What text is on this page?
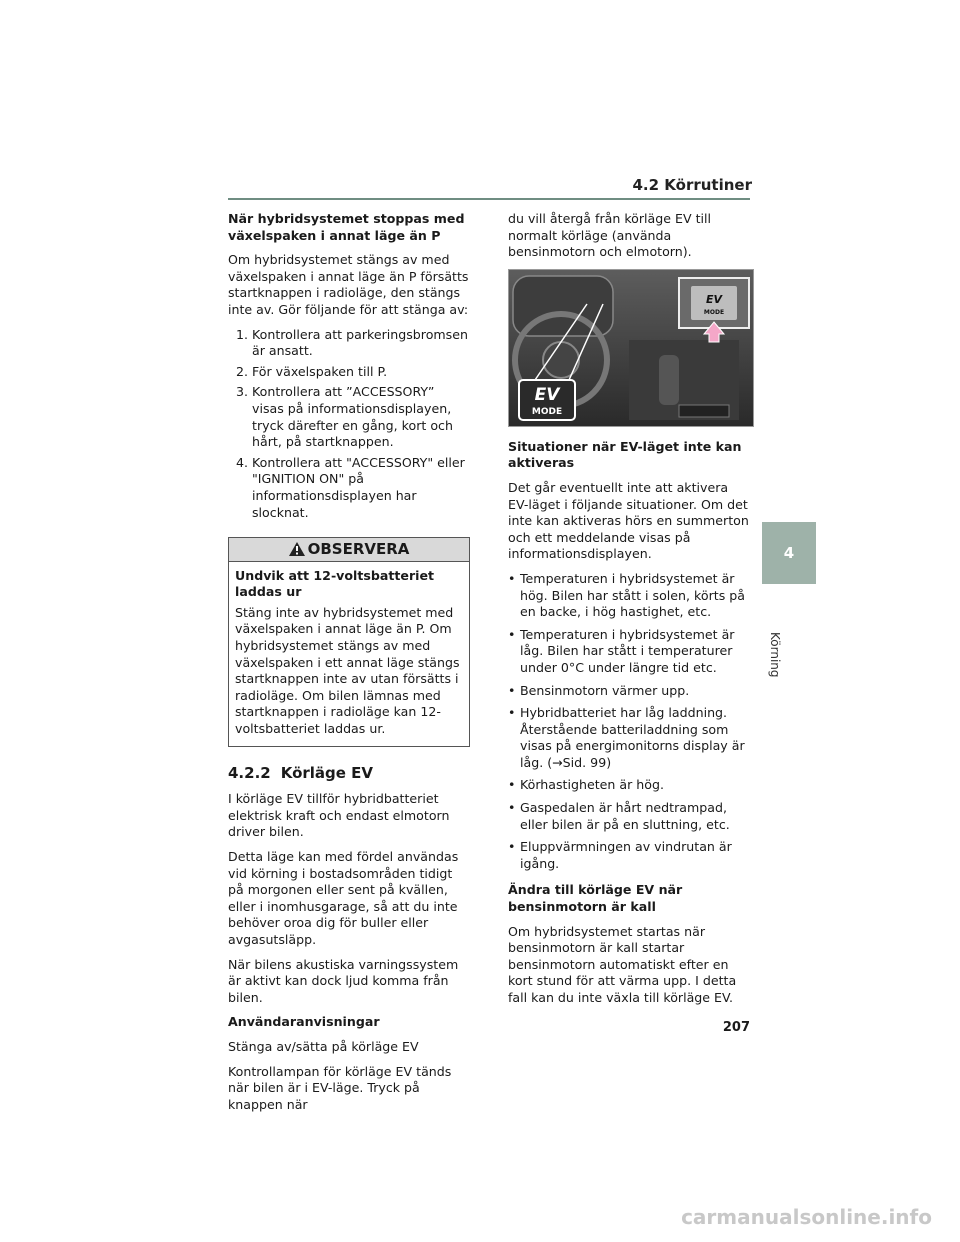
4.2 Körrutiner

När hybridsystemet stoppas med växelspaken i annat läge än P

Om hybridsystemet stängs av med växelspaken i annat läge än P försätts startknappen i radioläge, den stängs inte av. Gör följande för att stänga av:

1. Kontrollera att parkeringsbromsen är ansatt.
2. För växelspaken till P.
3. Kontrollera att ”ACCESSORY” visas på informationsdisplayen, tryck därefter en gång, kort och hårt, på startknappen.
4. Kontrollera att "ACCESSORY" eller "IGNITION ON" på informationsdisplayen har slocknat.
OBSERVERA

Undvik att 12-voltsbatteriet laddas ur

Stäng inte av hybridsystemet med växelspaken i annat läge än P. Om hybridsystemet stängs av med växelspaken i ett annat läge stängs startknappen inte av utan försätts i radioläge. Om bilen lämnas med startknappen i radioläge kan 12-voltsbatteriet laddas ur.

4.2.2 Körläge EV

I körläge EV tillför hybridbatteriet elektrisk kraft och endast elmotorn driver bilen.

Detta läge kan med fördel användas vid körning i bostadsområden tidigt på morgonen eller sent på kvällen, eller i inomhusgarage, så att du inte behöver oroa dig för buller eller avgasutsläpp.

När bilens akustiska varningssystem är aktivt kan dock ljud komma från bilen.

Användaranvisningar

Stänga av/sätta på körläge EV

Kontrollampan för körläge EV tänds när bilen är i EV-läge. Tryck på knappen när

du vill återgå från körläge EV till normalt körläge (använda bensinmotorn och elmotorn).

EV
MODE
EV
MODE

Situationer när EV-läget inte kan aktiveras

Det går eventuellt inte att aktivera EV-läget i följande situationer. Om det inte kan aktiveras hörs en summerton och ett meddelande visas på informationsdisplayen.

• Temperaturen i hybridsystemet är hög. Bilen har stått i solen, körts på en backe, i hög hastighet, etc.
• Temperaturen i hybridsystemet är låg. Bilen har stått i temperaturer under 0°C under längre tid etc.
• Bensinmotorn värmer upp.
• Hybridbatteriet har låg laddning. Återstående batteriladdning som visas på energimonitorns display är låg. (→Sid. 99)
• Körhastigheten är hög.
• Gaspedalen är hårt nedtrampad, eller bilen är på en sluttning, etc.
• Eluppvärmningen av vindrutan är igång.

Ändra till körläge EV när bensinmotorn är kall

Om hybridsystemet startas när bensinmotorn är kall startar bensinmotorn automatiskt efter en kort stund för att värma upp. I detta fall kan du inte växla till körläge EV.

4
Körning
207
carmanualsonline.info
